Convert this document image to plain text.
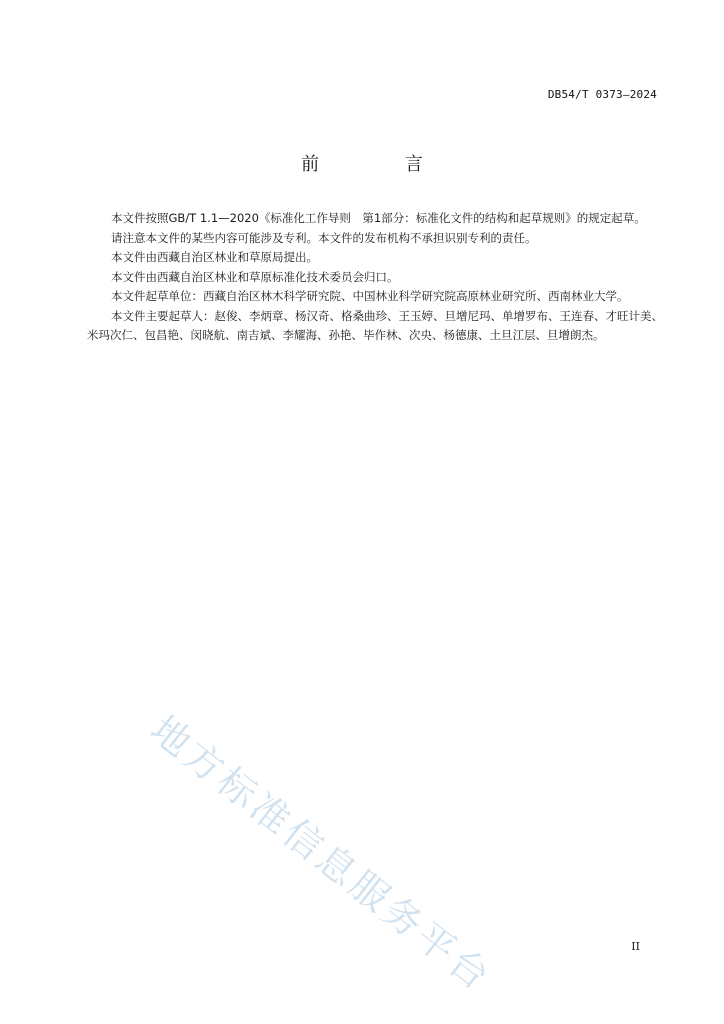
DB54/T 0373—2024
前 言

本文件按照GB/T 1.1—2020《标准化工作导则　第1部分：标准化文件的结构和起草规则》的规定起草。

请注意本文件的某些内容可能涉及专利。本文件的发布机构不承担识别专利的责任。

本文件由西藏自治区林业和草原局提出。

本文件由西藏自治区林业和草原标准化技术委员会归口。

本文件起草单位：西藏自治区林木科学研究院、中国林业科学研究院高原林业研究所、西南林业大学。

本文件主要起草人：赵俊、李炳章、杨汉奇、格桑曲珍、王玉婷、旦增尼玛、单增罗布、王连春、才旺计美、米玛次仁、包昌艳、闵晓航、南吉斌、李耀海、孙艳、毕作林、次央、杨德康、土旦江层、旦增朗杰。

地方标准信息服务平台	II
